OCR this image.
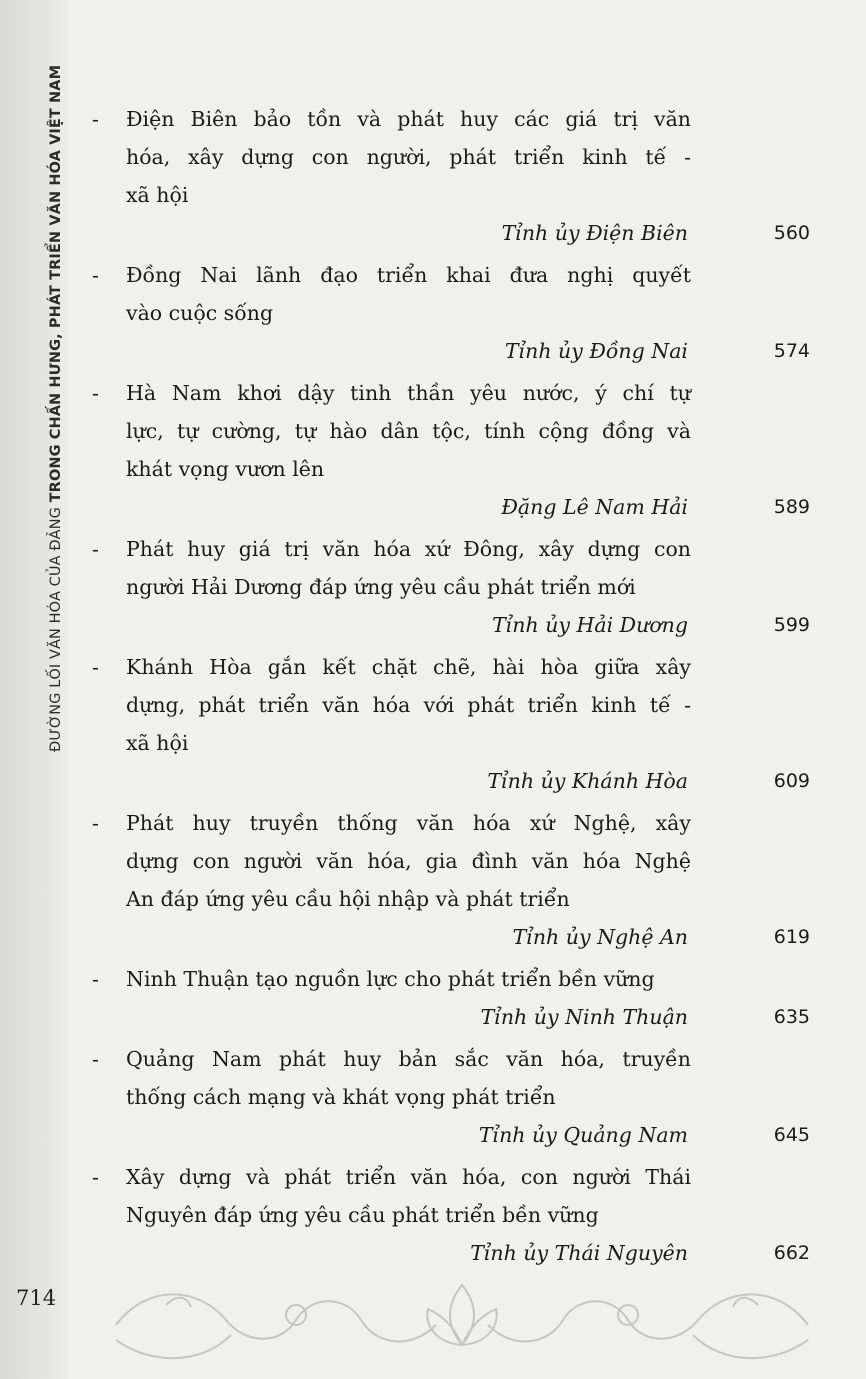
ĐƯỜNG LỐI VĂN HÓA CỦA ĐẢNG TRONG CHẤN HƯNG, PHÁT TRIỂN VĂN HÓA VIỆT NAM - Điện Biên bảo tồn và phát huy các giá trị văn
hóa, xây dựng con người, phát triển kinh tế -
xã hội
Tỉnh ủy Điện Biên	560
- Đồng Nai lãnh đạo triển khai đưa nghị quyết
vào cuộc sống
Tỉnh ủy Đồng Nai	574
- Hà Nam khơi dậy tinh thần yêu nước, ý chí tự
lực, tự cường, tự hào dân tộc, tính cộng đồng và
khát vọng vươn lên
Đặng Lê Nam Hải	589
- Phát huy giá trị văn hóa xứ Đông, xây dựng con
người Hải Dương đáp ứng yêu cầu phát triển mới
Tỉnh ủy Hải Dương	599
- Khánh Hòa gắn kết chặt chẽ, hài hòa giữa xây
dựng, phát triển văn hóa với phát triển kinh tế -
xã hội
Tỉnh ủy Khánh Hòa	609
- Phát huy truyền thống văn hóa xứ Nghệ, xây
dựng con người văn hóa, gia đình văn hóa Nghệ
An đáp ứng yêu cầu hội nhập và phát triển
Tỉnh ủy Nghệ An	619
- Ninh Thuận tạo nguồn lực cho phát triển bền vững
Tỉnh ủy Ninh Thuận	635
- Quảng Nam phát huy bản sắc văn hóa, truyền
thống cách mạng và khát vọng phát triển
Tỉnh ủy Quảng Nam	645
- Xây dựng và phát triển văn hóa, con người Thái
Nguyên đáp ứng yêu cầu phát triển bền vững
Tỉnh ủy Thái Nguyên	662
714
